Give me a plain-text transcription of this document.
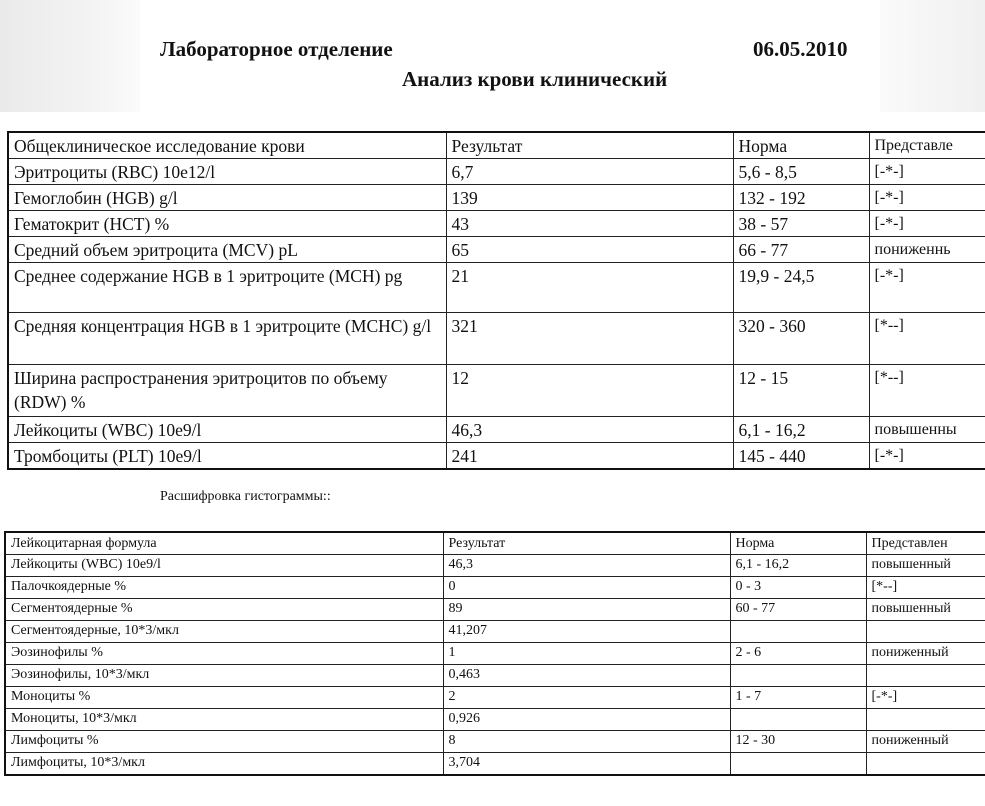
Лабораторное отделение	06.05.2010
Анализ крови клинический
Общеклиническое исследование крови	Результат	Норма	Представле
Эритроциты (RBC) 10e12/l	6,7	5,6 - 8,5	[-*-]
Гемоглобин (HGB) g/l	139	132 - 192	[-*-]
Гематокрит (HCT) %	43	38 - 57	[-*-]
Средний объем эритроцита (MCV) pL	65	66 - 77	пониженнь
Среднее содержание HGB в 1 эритроците (MCH) pg	21	19,9 - 24,5	[-*-]
Средняя концентрация HGB в 1 эритроците (MCHC) g/l	321	320 - 360	[*--]
Ширина распространения эритроцитов по объему (RDW) %	12	12 - 15	[*--]
Лейкоциты (WBC) 10e9/l	46,3	6,1 - 16,2	повышенны
Тромбоциты (PLT) 10e9/l	241	145 - 440	[-*-]
Расшифровка гистограммы::
Лейкоцитарная формула	Результат	Норма	Представлен
Лейкоциты (WBC) 10e9/l	46,3	6,1 - 16,2	повышенный
Палочкоядерные %	0	0 - 3	[*--]
Сегментоядерные %	89	60 - 77	повышенный
Сегментоядерные, 10*3/мкл	41,207		
Эозинофилы %	1	2 - 6	пониженный
Эозинофилы, 10*3/мкл	0,463		
Моноциты %	2	1 - 7	[-*-]
Моноциты, 10*3/мкл	0,926		
Лимфоциты %	8	12 - 30	пониженный
Лимфоциты, 10*3/мкл	3,704		
